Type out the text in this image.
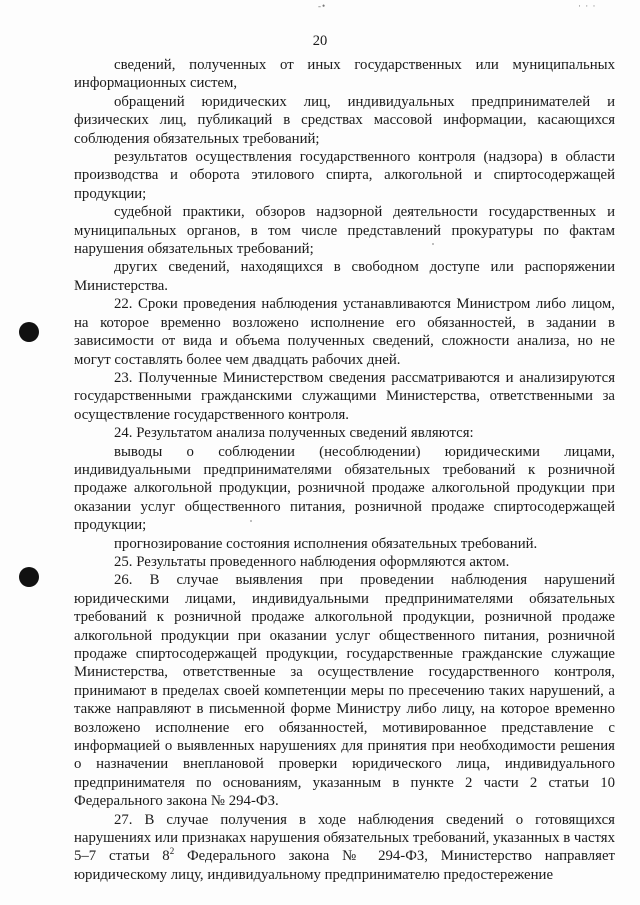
-•	· · ·
20

сведений, полученных от иных государственных или муниципальных информационных систем,

обращений юридических лиц, индивидуальных предпринимателей и физических лиц, публикаций в средствах массовой информации, касающихся соблюдения обязательных требований;

результатов осуществления государственного контроля (надзора) в области производства и оборота этилового спирта, алкогольной и спиртосодержащей продукции;

судебной практики, обзоров надзорной деятельности государственных и муниципальных органов, в том числе представлений прокуратуры по фактам нарушения обязательных требований;

других сведений, находящихся в свободном доступе или распоряжении Министерства.

22. Сроки проведения наблюдения устанавливаются Министром либо лицом, на которое временно возложено исполнение его обязанностей, в задании в зависимости от вида и объема полученных сведений, сложности анализа, но не могут составлять более чем двадцать рабочих дней.

23. Полученные Министерством сведения рассматриваются и анализируются государственными гражданскими служащими Министерства, ответственными за осуществление государственного контроля.

24. Результатом анализа полученных сведений являются:

выводы о соблюдении (несоблюдении) юридическими лицами, индивидуальными предпринимателями обязательных требований к розничной продаже алкогольной продукции, розничной продаже алкогольной продукции при оказании услуг общественного питания, розничной продаже спиртосодержащей продукции;

прогнозирование состояния исполнения обязательных требований.

25. Результаты проведенного наблюдения оформляются актом.

26. В случае выявления при проведении наблюдения нарушений юридическими лицами, индивидуальными предпринимателями обязательных требований к розничной продаже алкогольной продукции, розничной продаже алкогольной продукции при оказании услуг общественного питания, розничной продаже спиртосодержащей продукции, государственные гражданские служащие Министерства, ответственные за осуществление государственного контроля, принимают в пределах своей компетенции меры по пресечению таких нарушений, а также направляют в письменной форме Министру либо лицу, на которое временно возложено исполнение его обязанностей, мотивированное представление с информацией о выявленных нарушениях для принятия при необходимости решения о назначении внеплановой проверки юридического лица, индивидуального предпринимателя по основаниям, указанным в пункте 2 части 2 статьи 10 Федерального закона № 294-ФЗ.

27. В случае получения в ходе наблюдения сведений о готовящихся нарушениях или признаках нарушения обязательных требований, указанных в частях 5–7 статьи $8^2$ Федерального закона № 294-ФЗ, Министерство направляет юридическому лицу, индивидуальному предпринимателю предостережение
